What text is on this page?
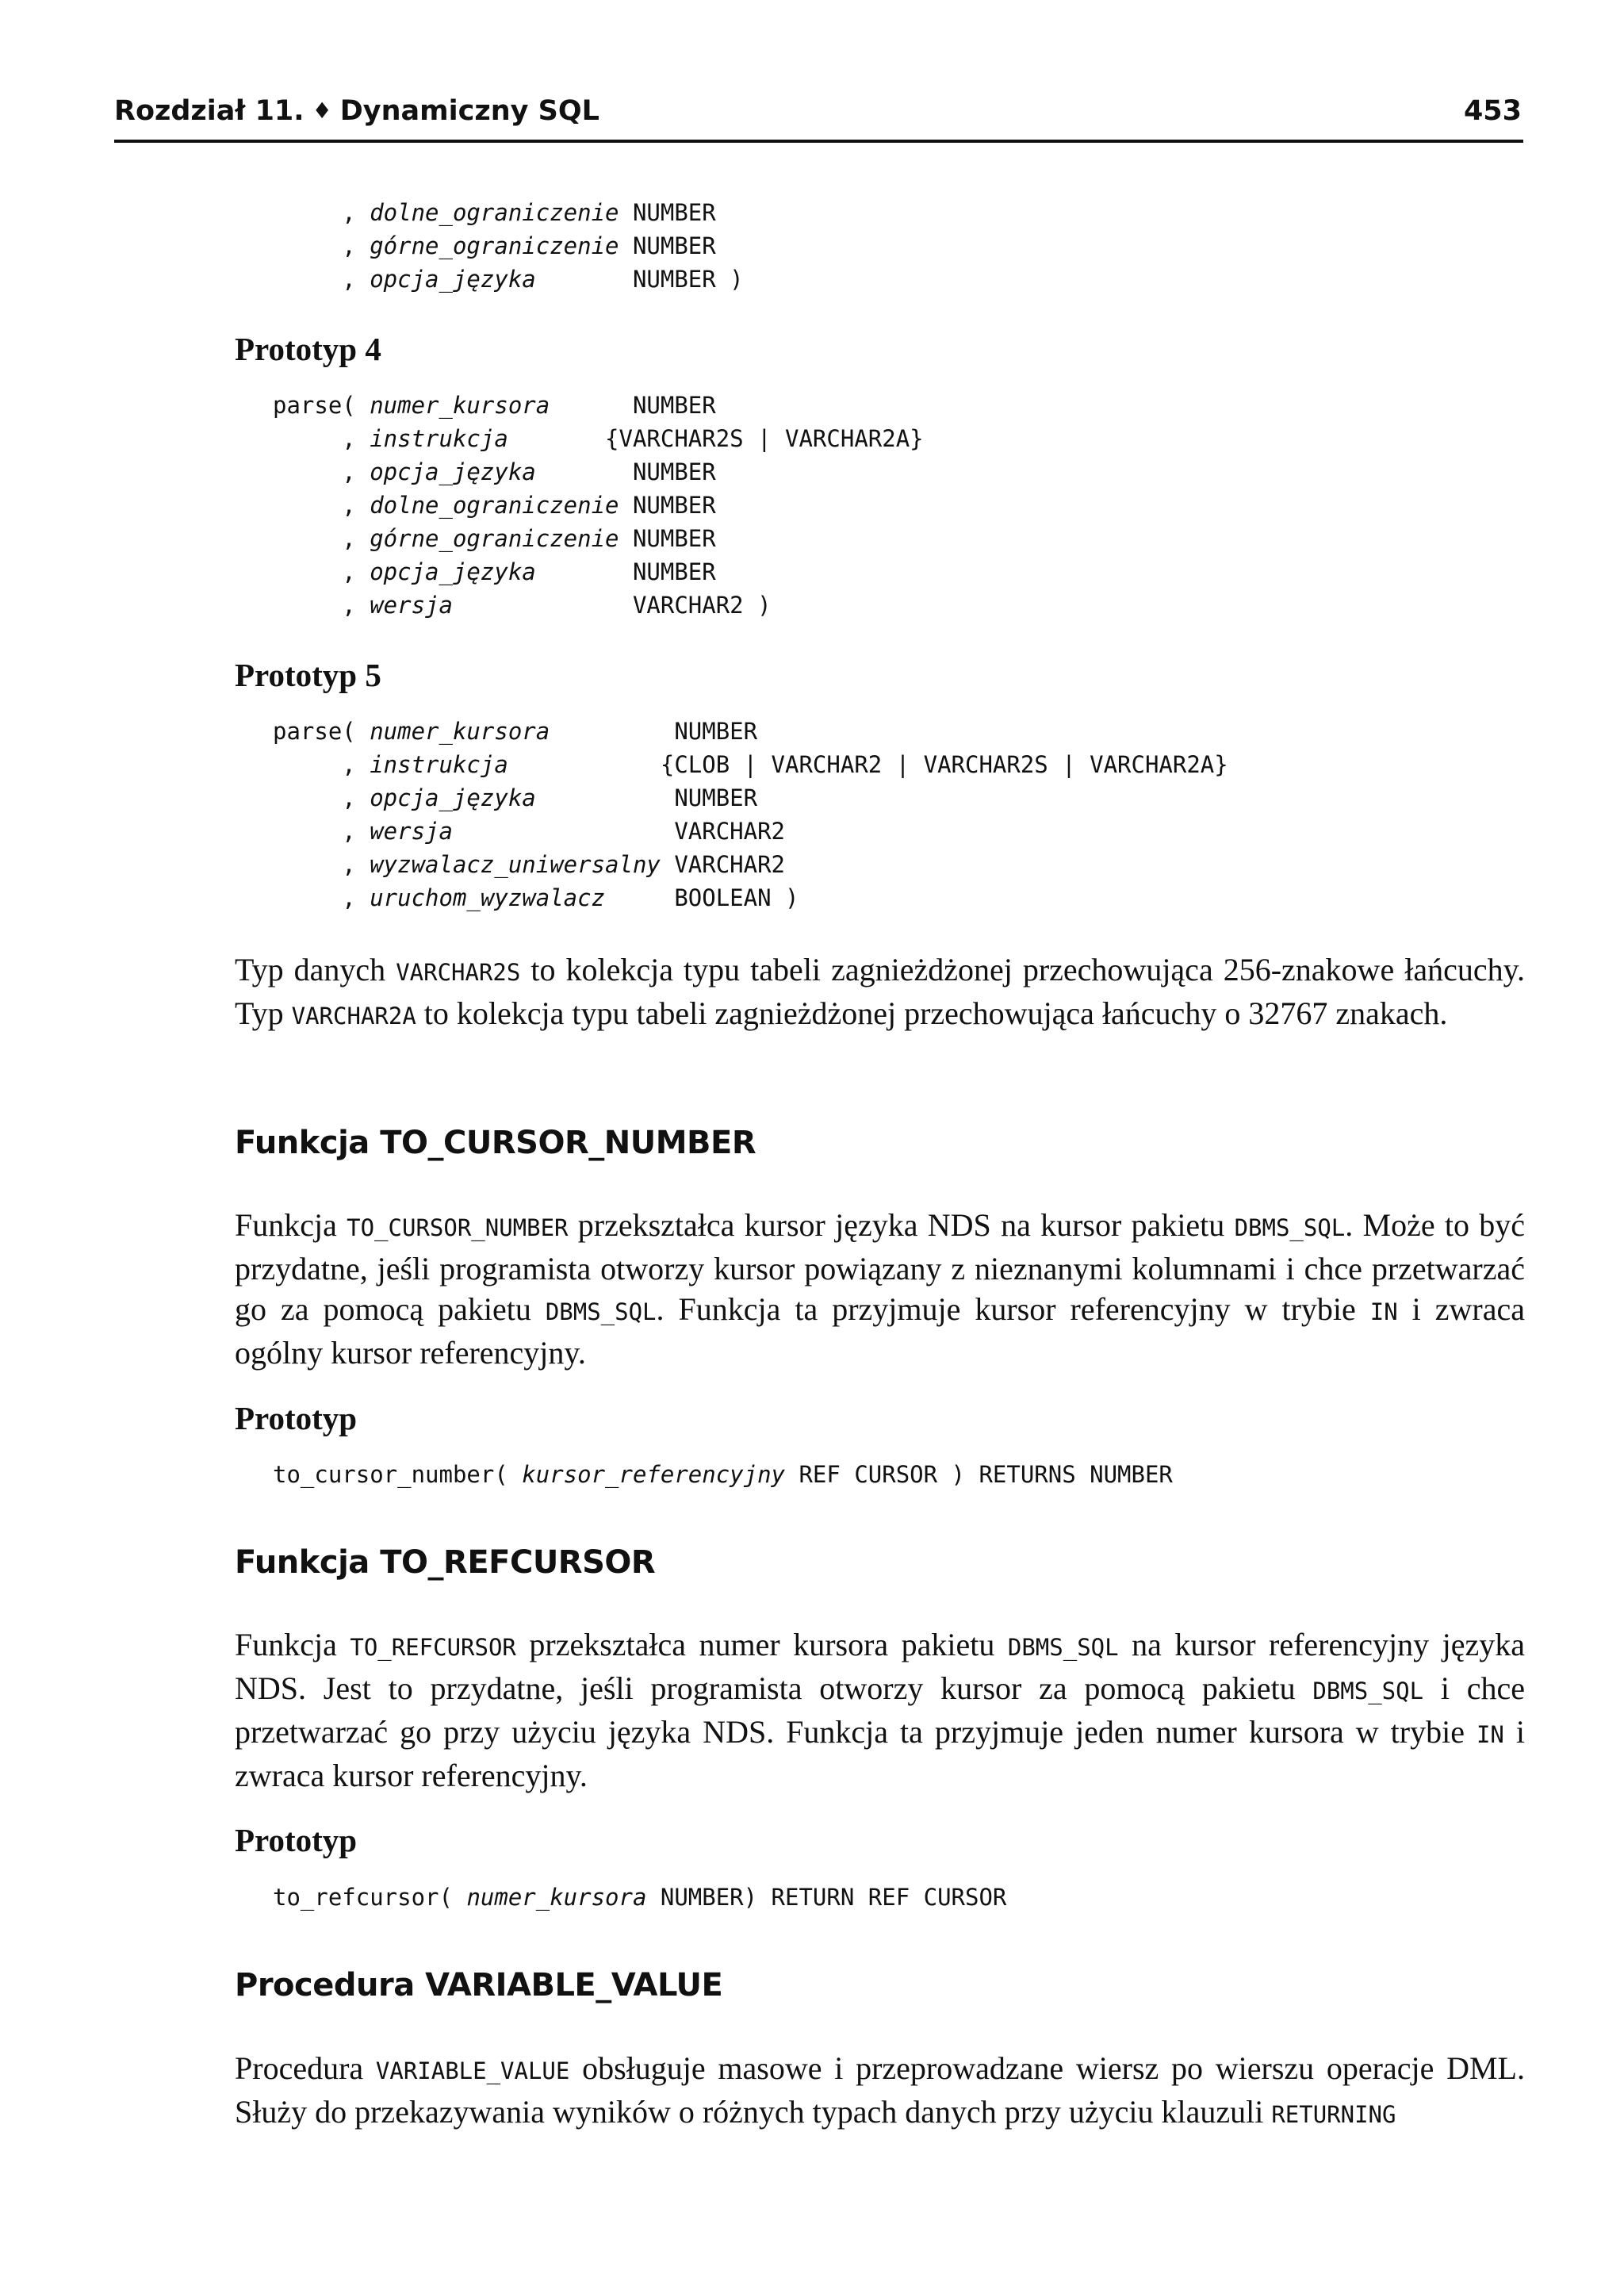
Rozdział 11. ♦ Dynamiczny SQL	453
, dolne_ograniczenie NUMBER
, górne_ograniczenie NUMBER
, opcja_języka       NUMBER )
Prototyp 4
parse( numer_kursora      NUMBER
, instrukcja       {VARCHAR2S | VARCHAR2A}
, opcja_języka       NUMBER
, dolne_ograniczenie NUMBER
, górne_ograniczenie NUMBER
, opcja_języka       NUMBER
, wersja             VARCHAR2 )
Prototyp 5
parse( numer_kursora         NUMBER
, instrukcja           {CLOB | VARCHAR2 | VARCHAR2S | VARCHAR2A}
, opcja_języka          NUMBER
, wersja                VARCHAR2
, wyzwalacz_uniwersalny VARCHAR2
, uruchom_wyzwalacz     BOOLEAN )

Typ danych VARCHAR2S to kolekcja typu tabeli zagnieżdżonej przechowująca 256-znakowe łańcuchy. Typ VARCHAR2A to kolekcja typu tabeli zagnieżdżonej przechowująca łańcuchy o 32767 znakach.

Funkcja TO_CURSOR_NUMBER

Funkcja TO_CURSOR_NUMBER przekształca kursor języka NDS na kursor pakietu DBMS_SQL. Może to być przydatne, jeśli programista otworzy kursor powiązany z nieznanymi kolumnami i chce przetwarzać go za pomocą pakietu DBMS_SQL. Funkcja ta przyjmuje kursor referencyjny w trybie IN i zwraca ogólny kursor referencyjny.

Prototyp
to_cursor_number( kursor_referencyjny REF CURSOR ) RETURNS NUMBER
Funkcja TO_REFCURSOR

Funkcja TO_REFCURSOR przekształca numer kursora pakietu DBMS_SQL na kursor referencyjny języka NDS. Jest to przydatne, jeśli programista otworzy kursor za pomocą pakietu DBMS_SQL i chce przetwarzać go przy użyciu języka NDS. Funkcja ta przyjmuje jeden numer kursora w trybie IN i zwraca kursor referencyjny.

Prototyp
to_refcursor( numer_kursora NUMBER) RETURN REF CURSOR
Procedura VARIABLE_VALUE

Procedura VARIABLE_VALUE obsługuje masowe i przeprowadzane wiersz po wierszu operacje DML. Służy do przekazywania wyników o różnych typach danych przy użyciu klauzuli RETURNING
